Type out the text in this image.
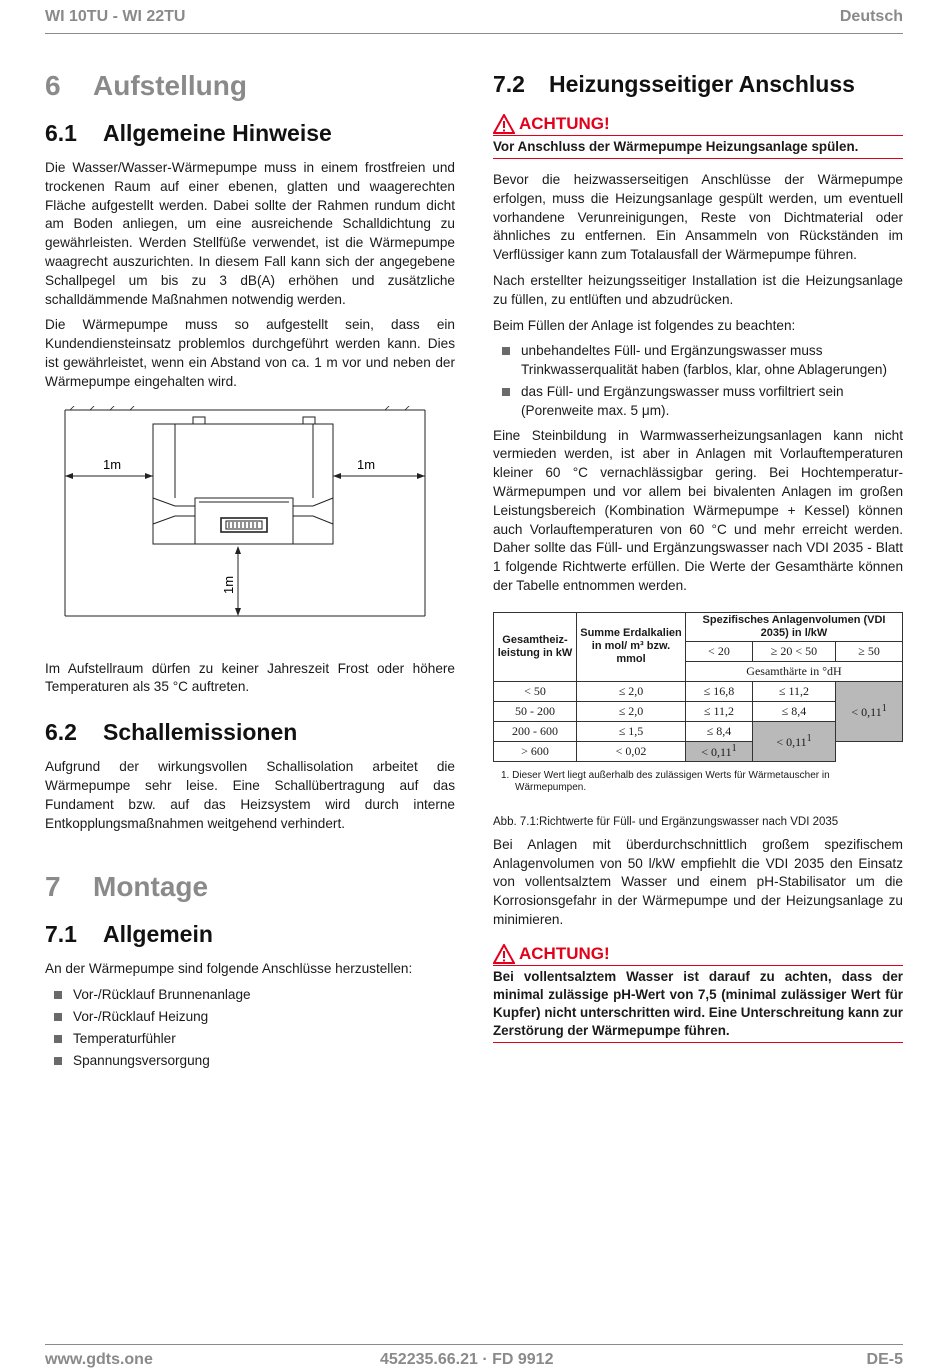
WI 10TU - WI 22TU	Deutsch
6 Aufstellung
6.1 Allgemeine Hinweise

Die Wasser/Wasser-Wärmepumpe muss in einem frostfreien und trockenen Raum auf einer ebenen, glatten und waagerechten Fläche aufgestellt werden. Dabei sollte der Rahmen rundum dicht am Boden anliegen, um eine ausreichende Schalldichtung zu gewährleisten. Werden Stellfüße verwendet, ist die Wärmepumpe waagrecht auszurichten. In diesem Fall kann sich der angegebene Schallpegel um bis zu 3 dB(A) erhöhen und zusätzliche schalldämmende Maßnahmen notwendig werden.

Die Wärmepumpe muss so aufgestellt sein, dass ein Kundendiensteinsatz problemlos durchgeführt werden kann. Dies ist gewährleistet, wenn ein Abstand von ca. 1 m vor und neben der Wärmepumpe eingehalten wird.

1m	1m
1m

Im Aufstellraum dürfen zu keiner Jahreszeit Frost oder höhere Temperaturen als 35 °C auftreten.

6.2 Schallemissionen

Aufgrund der wirkungsvollen Schallisolation arbeitet die Wärmepumpe sehr leise. Eine Schallübertragung auf das Fundament bzw. auf das Heizsystem wird durch interne Entkopplungsmaßnahmen weitgehend verhindert.

7 Montage
7.1 Allgemein

An der Wärmepumpe sind folgende Anschlüsse herzustellen:

Vor-/Rücklauf Brunnenanlage
Vor-/Rücklauf Heizung
Temperaturfühler
Spannungsversorgung
7.2 Heizungsseitiger Anschluss
ACHTUNG!
Vor Anschluss der Wärmepumpe Heizungsanlage spülen.

Bevor die heizwasserseitigen Anschlüsse der Wärmepumpe erfolgen, muss die Heizungsanlage gespült werden, um eventuell vorhandene Verunreinigungen, Reste von Dichtmaterial oder ähnliches zu entfernen. Ein Ansammeln von Rückständen im Verflüssiger kann zum Totalausfall der Wärmepumpe führen.

Nach erstellter heizungsseitiger Installation ist die Heizungsanlage zu füllen, zu entlüften und abzudrücken.

Beim Füllen der Anlage ist folgendes zu beachten:

unbehandeltes Füll- und Ergänzungswasser muss Trinkwasserqualität haben (farblos, klar, ohne Ablagerungen)
das Füll- und Ergänzungswasser muss vorfiltriert sein (Porenweite max. 5 μm).

Eine Steinbildung in Warmwasserheizungsanlagen kann nicht vermieden werden, ist aber in Anlagen mit Vorlauftemperaturen kleiner 60 °C vernachlässigbar gering. Bei Hochtemperatur-Wärmepumpen und vor allem bei bivalenten Anlagen im großen Leistungsbereich (Kombination Wärmepumpe + Kessel) können auch Vorlauftemperaturen von 60 °C und mehr erreicht werden. Daher sollte das Füll- und Ergänzungswasser nach VDI 2035 - Blatt 1 folgende Richtwerte erfüllen. Die Werte der Gesamthärte können der Tabelle entnommen werden.

Gesamtheiz-leistung in kW	Summe Erdalkalien in mol/ m³ bzw. mmol	Spezifisches Anlagenvolumen (VDI 2035) in l/kW		
		< 20	≥ 20 < 50	≥ 50
		Gesamthärte in °dH		
< 50	≤ 2,0	≤ 16,8	≤ 11,2	< $0,11^1$
50 - 200	≤ 2,0	≤ 11,2	≤ 8,4	
200 - 600	≤ 1,5	≤ 8,4	< $0,11^1$
> 600	< 0,02	< $0,11^1$
1. Dieser Wert liegt außerhalb des zulässigen Werts für Wärmetauscher in Wärmepumpen.
Abb. 7.1:Richtwerte für Füll- und Ergänzungswasser nach VDI 2035

Bei Anlagen mit überdurchschnittlich großem spezifischem Anlagenvolumen von 50 l/kW empfiehlt die VDI 2035 den Einsatz von vollentsalztem Wasser und einem pH-Stabilisator um die Korrosionsgefahr in der Wärmepumpe und der Heizungsanlage zu minimieren.

ACHTUNG!
Bei vollentsalztem Wasser ist darauf zu achten, dass der minimal zulässige pH-Wert von 7,5 (minimal zulässiger Wert für Kupfer) nicht unterschritten wird. Eine Unterschreitung kann zur Zerstörung der Wärmepumpe führen.
www.gdts.one	452235.66.21 · FD 9912	DE-5
